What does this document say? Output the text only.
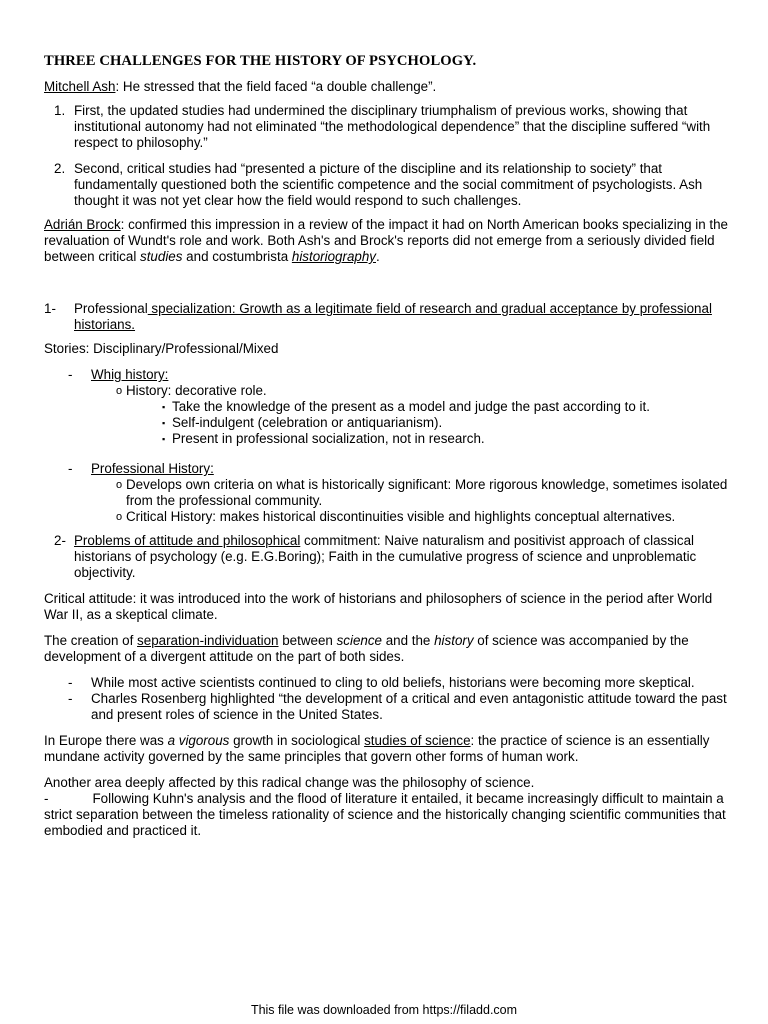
THREE CHALLENGES FOR THE HISTORY OF PSYCHOLOGY.

Mitchell Ash: He stressed that the field faced “a double challenge”.

1. First, the updated studies had undermined the disciplinary triumphalism of previous works, showing that institutional autonomy had not eliminated “the methodological dependence” that the discipline suffered “with respect to philosophy.”
2. Second, critical studies had “presented a picture of the discipline and its relationship to society” that fundamentally questioned both the scientific competence and the social commitment of psychologists. Ash thought it was not yet clear how the field would respond to such challenges.

Adrián Brock: confirmed this impression in a review of the impact it had on North American books specializing in the revaluation of Wundt's role and work. Both Ash's and Brock's reports did not emerge from a seriously divided field between critical studies and costumbrista historiography.

1- Professional specialization: Growth as a legitimate field of research and gradual acceptance by professional historians.

Stories: Disciplinary/Professional/Mixed

- Whig history:

o History: decorative role.

▪ Take the knowledge of the present as a model and judge the past according to it.

▪ Self-indulgent (celebration or antiquarianism).

▪ Present in professional socialization, not in research.

- Professional History:

o Develops own criteria on what is historically significant: More rigorous knowledge, sometimes isolated from the professional community.

o Critical History: makes historical discontinuities visible and highlights conceptual alternatives.

2- Problems of attitude and philosophical commitment: Naive naturalism and positivist approach of classical historians of psychology (e.g. E.G.Boring); Faith in the cumulative progress of science and unproblematic objectivity.

Critical attitude: it was introduced into the work of historians and philosophers of science in the period after World War II, as a skeptical climate.

The creation of separation-individuation between science and the history of science was accompanied by the development of a divergent attitude on the part of both sides.

- While most active scientists continued to cling to old beliefs, historians were becoming more skeptical.

- Charles Rosenberg highlighted “the development of a critical and even antagonistic attitude toward the past and present roles of science in the United States.

In Europe there was a vigorous growth in sociological studies of science: the practice of science is an essentially mundane activity governed by the same principles that govern other forms of human work.

Another area deeply affected by this radical change was the philosophy of science.
-	Following Kuhn's analysis and the flood of literature it entailed, it became increasingly difficult to maintain a strict separation between the timeless rationality of science and the historically changing scientific communities that embodied and practiced it.

This file was downloaded from https://filadd.com
